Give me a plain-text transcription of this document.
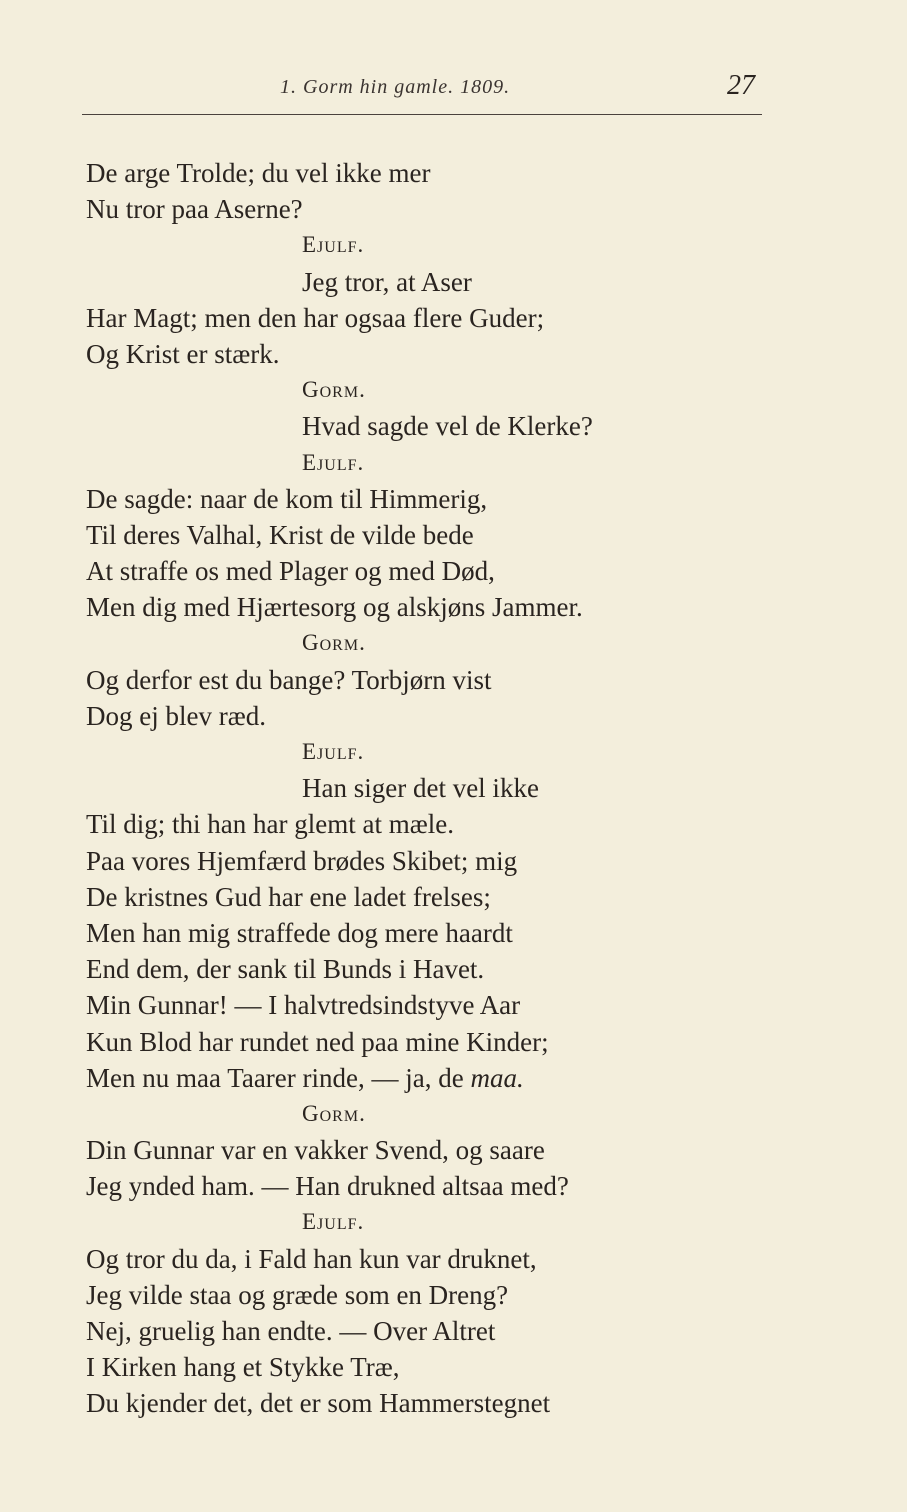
1. Gorm hin gamle. 1809.	27
De arge Trolde; du vel ikke mer
Nu tror paa Aserne?
Ejulf.
Jeg tror, at Aser
Har Magt; men den har ogsaa flere Guder;
Og Krist er stærk.
Gorm.
Hvad sagde vel de Klerke?
Ejulf.
De sagde: naar de kom til Himmerig,
Til deres Valhal, Krist de vilde bede
At straffe os med Plager og med Død,
Men dig med Hjærtesorg og alskjøns Jammer.
Gorm.
Og derfor est du bange? Torbjørn vist
Dog ej blev ræd.
Ejulf.
Han siger det vel ikke
Til dig; thi han har glemt at mæle.
Paa vores Hjemfærd brødes Skibet; mig
De kristnes Gud har ene ladet frelses;
Men han mig straffede dog mere haardt
End dem, der sank til Bunds i Havet.
Min Gunnar! — I halvtredsindstyve Aar
Kun Blod har rundet ned paa mine Kinder;
Men nu maa Taarer rinde, — ja, de maa.
Gorm.
Din Gunnar var en vakker Svend, og saare
Jeg ynded ham. — Han drukned altsaa med?
Ejulf.
Og tror du da, i Fald han kun var druknet,
Jeg vilde staa og græde som en Dreng?
Nej, gruelig han endte. — Over Altret
I Kirken hang et Stykke Træ,
Du kjender det, det er som Hammerstegnet
